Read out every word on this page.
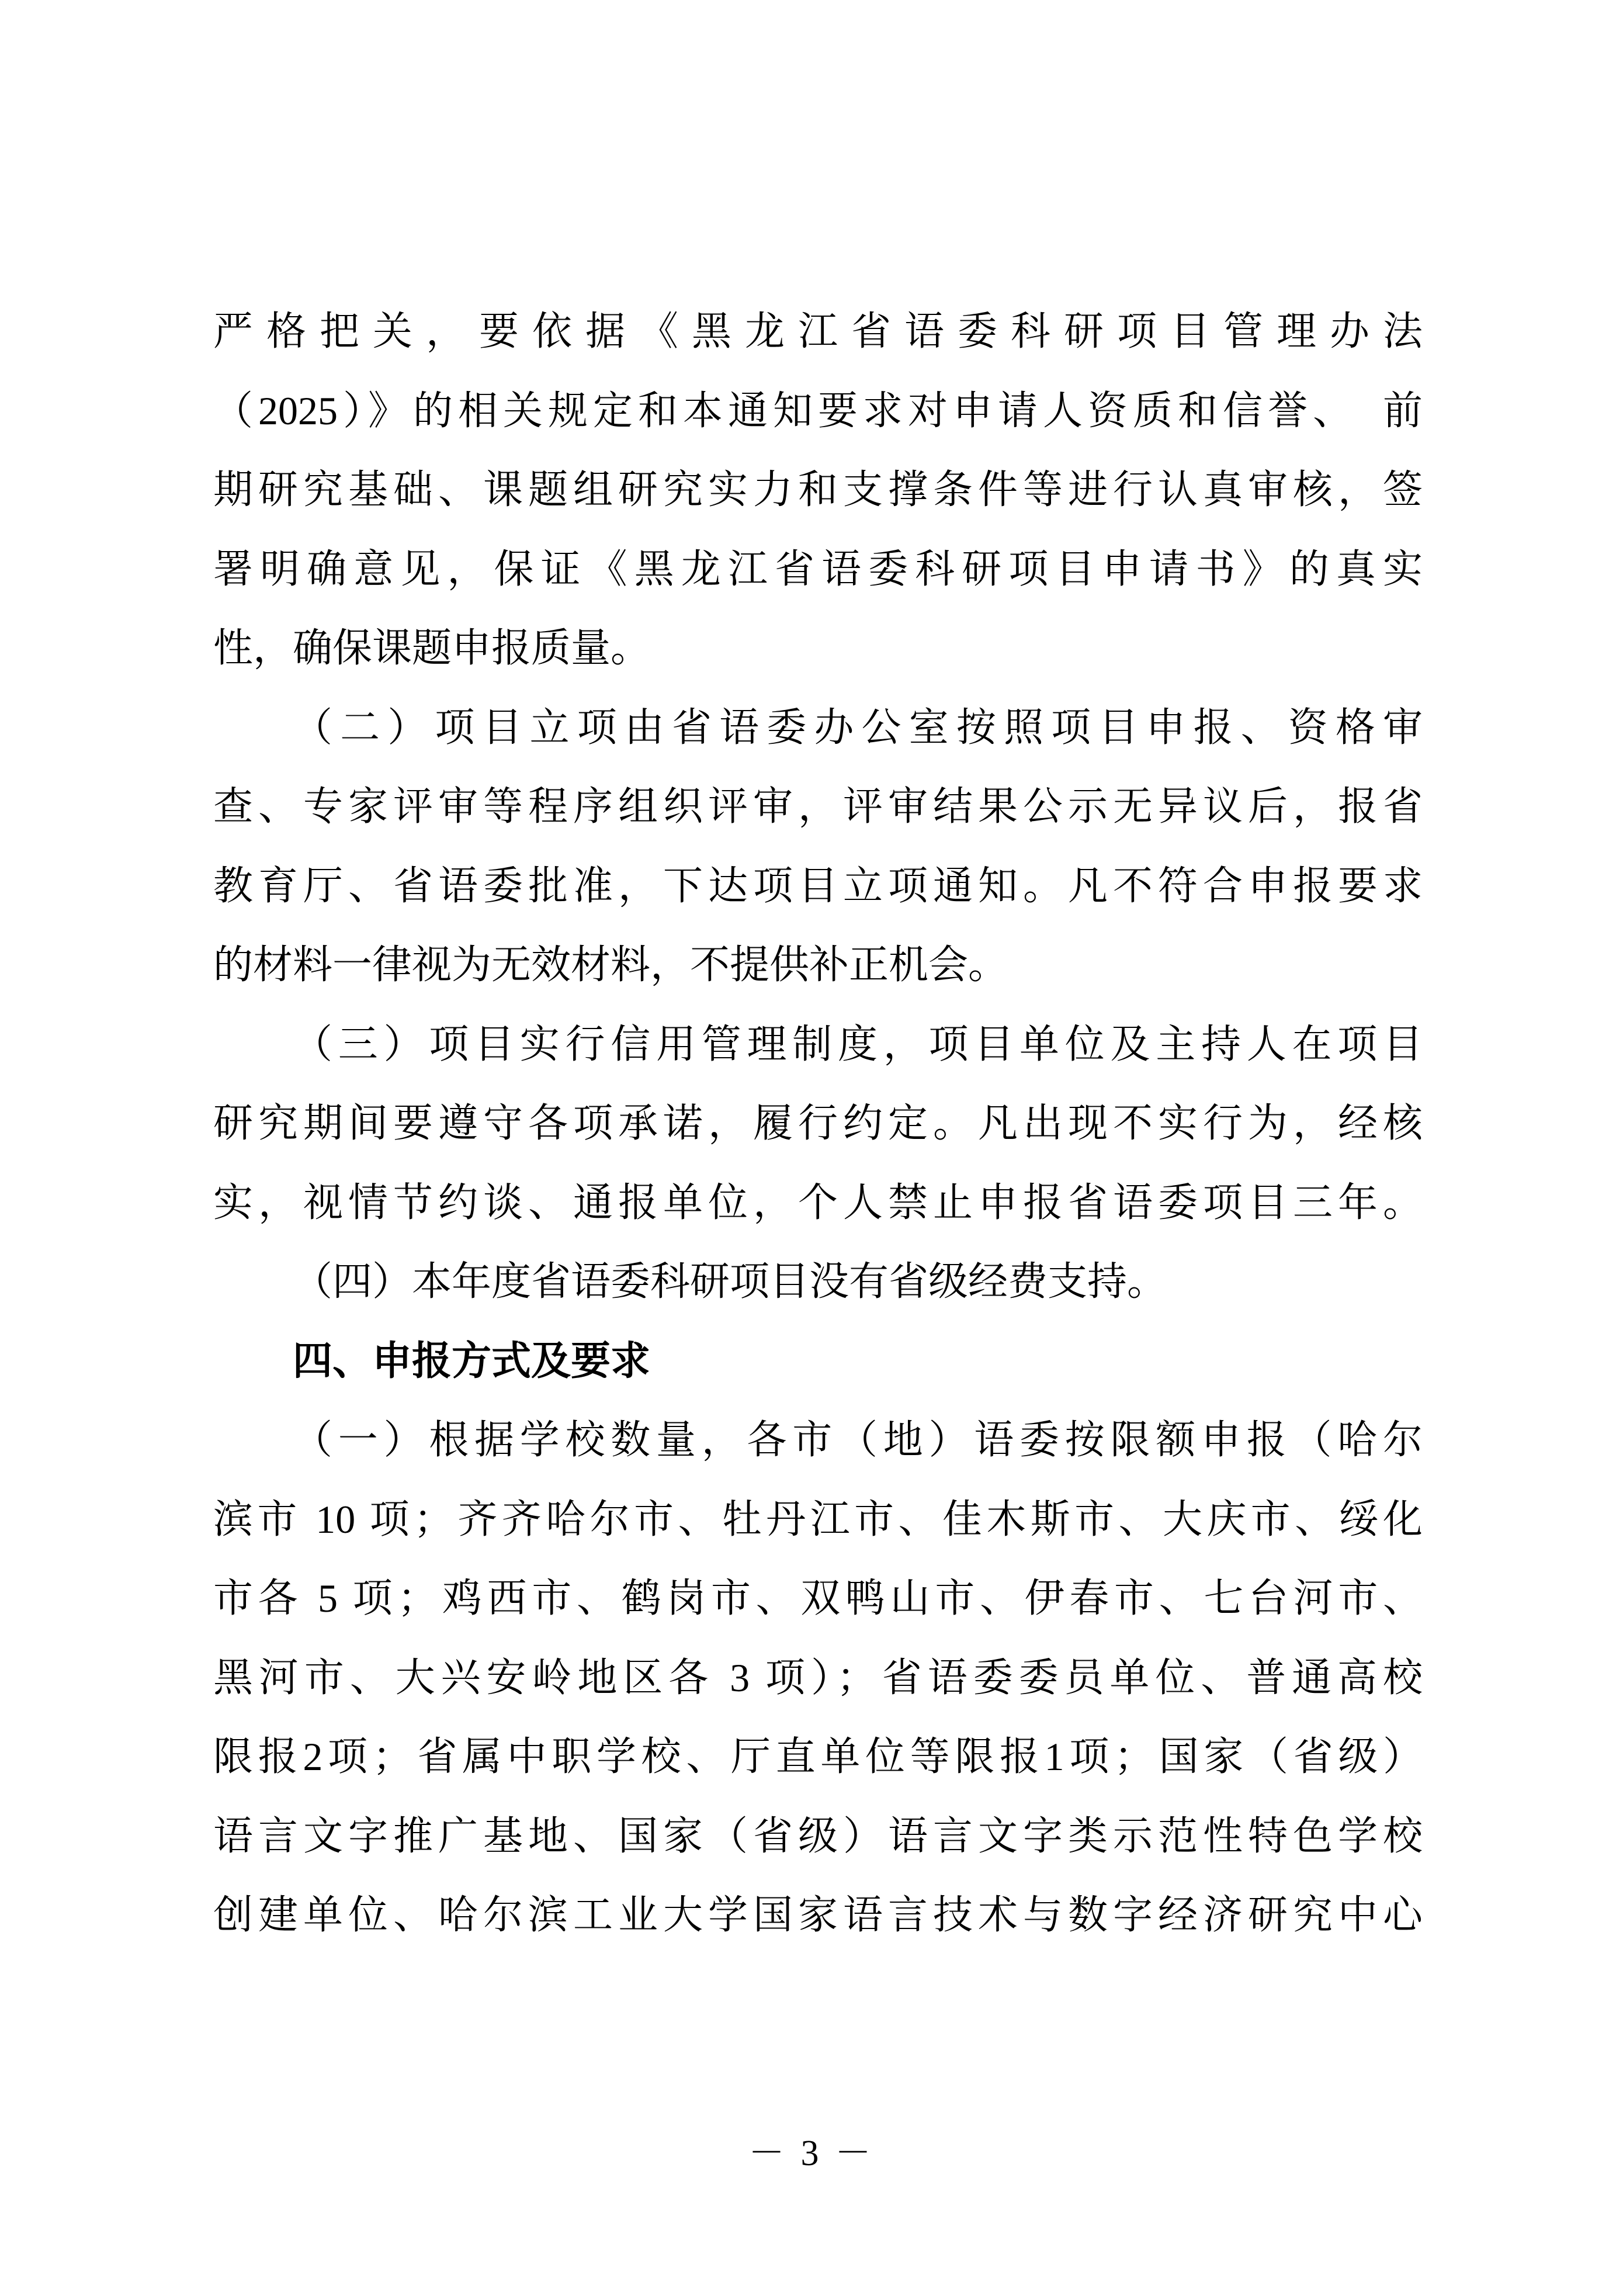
严格把关，要依据《黑龙江省语委科研项目管理办法
（2025）》的相关规定和本通知要求对申请人资质和信誉、　前
期研究基础、课题组研究实力和支撑条件等进行认真审核，签
署明确意见，保证《黑龙江省语委科研项目申请书》的真实
性，确保课题申报质量。
（二）项目立项由省语委办公室按照项目申报、资格审
查、专家评审等程序组织评审，评审结果公示无异议后，报省
教育厅、省语委批准，下达项目立项通知。凡不符合申报要求
的材料一律视为无效材料，不提供补正机会。
（三）项目实行信用管理制度，项目单位及主持人在项目
研究期间要遵守各项承诺，履行约定。凡出现不实行为，经核
实，视情节约谈、通报单位，个人禁止申报省语委项目三年。
（四）本年度省语委科研项目没有省级经费支持。
四、申报方式及要求
（一）根据学校数量，各市（地）语委按限额申报（哈尔
滨市 10 项；齐齐哈尔市、牡丹江市、佳木斯市、大庆市、绥化
市各 5 项；鸡西市、鹤岗市、双鸭山市、伊春市、七台河市、
黑河市、大兴安岭地区各 3 项）；省语委委员单位、普通高校
限报2项；省属中职学校、厅直单位等限报1项；国家（省级）
语言文字推广基地、国家（省级）语言文字类示范性特色学校
创建单位、哈尔滨工业大学国家语言技术与数字经济研究中心
－ 3 －
